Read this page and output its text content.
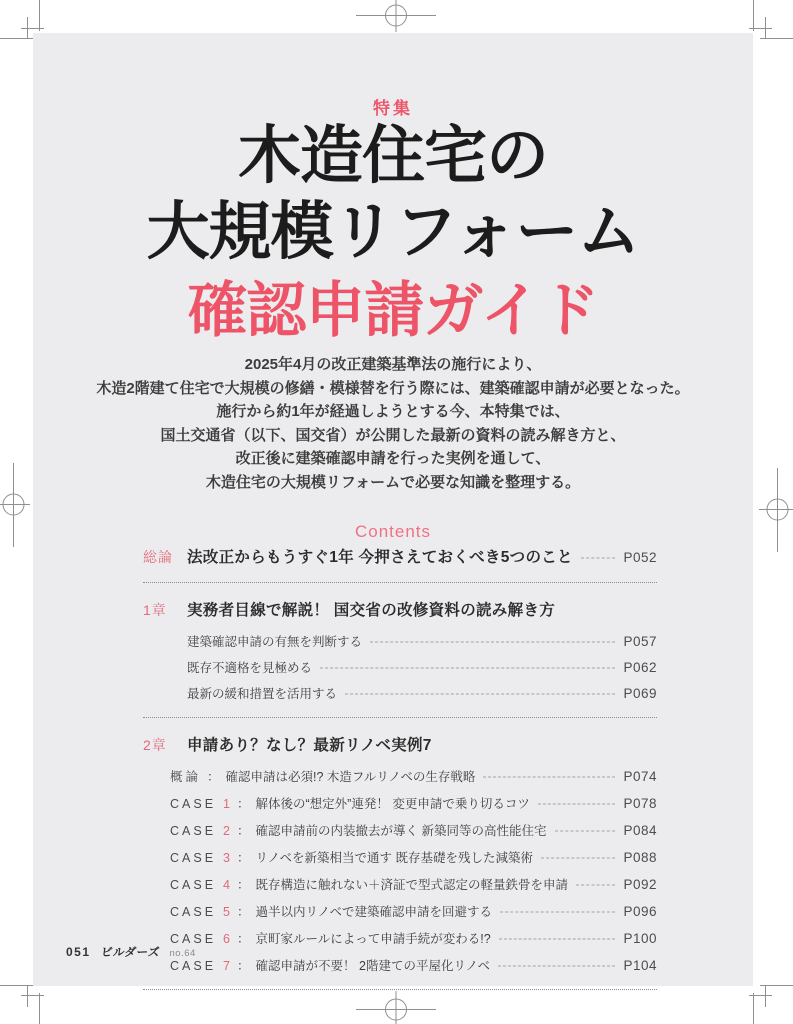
特集
木造住宅の
大規模リフォーム
確認申請ガイド
2025年4月の改正建築基準法の施行により、
木造2階建て住宅で大規模の修繕・模様替を行う際には、建築確認申請が必要となった。
施行から約1年が経過しようとする今、本特集では、
国土交通省（以下、国交省）が公開した最新の資料の読み解き方と、
改正後に建築確認申請を行った実例を通して、
木造住宅の大規模リフォームで必要な知識を整理する。
Contents
総論 法改正からもうすぐ1年 今押さえておくべき5つのこと	P052
1章	実務者目線で解説！ 国交省の改修資料の読み解き方
建築確認申請の有無を判断する	P057
既存不適格を見極める	P062
最新の緩和措置を活用する	P069
2章	申請あり？なし？最新リノベ実例7
概論 ： 確認申請は必須!? 木造フルリノベの生存戦略	P074
CASE 1 ： 解体後の“想定外”連発！ 変更申請で乗り切るコツ	P078
CASE 2 ： 確認申請前の内装撤去が導く 新築同等の高性能住宅	P084
CASE 3 ： リノベを新築相当で通す 既存基礎を残した減築術	P088
CASE 4 ： 既存構造に触れない＋済証で型式認定の軽量鉄骨を申請	P092
CASE 5 ： 過半以内リノベで建築確認申請を回避する	P096
CASE 6 ： 京町家ルールによって申請手続が変わる!?	P100
CASE 7 ： 確認申請が不要！ 2階建ての平屋化リノベ	P104
051 ビルダーズ no.64
